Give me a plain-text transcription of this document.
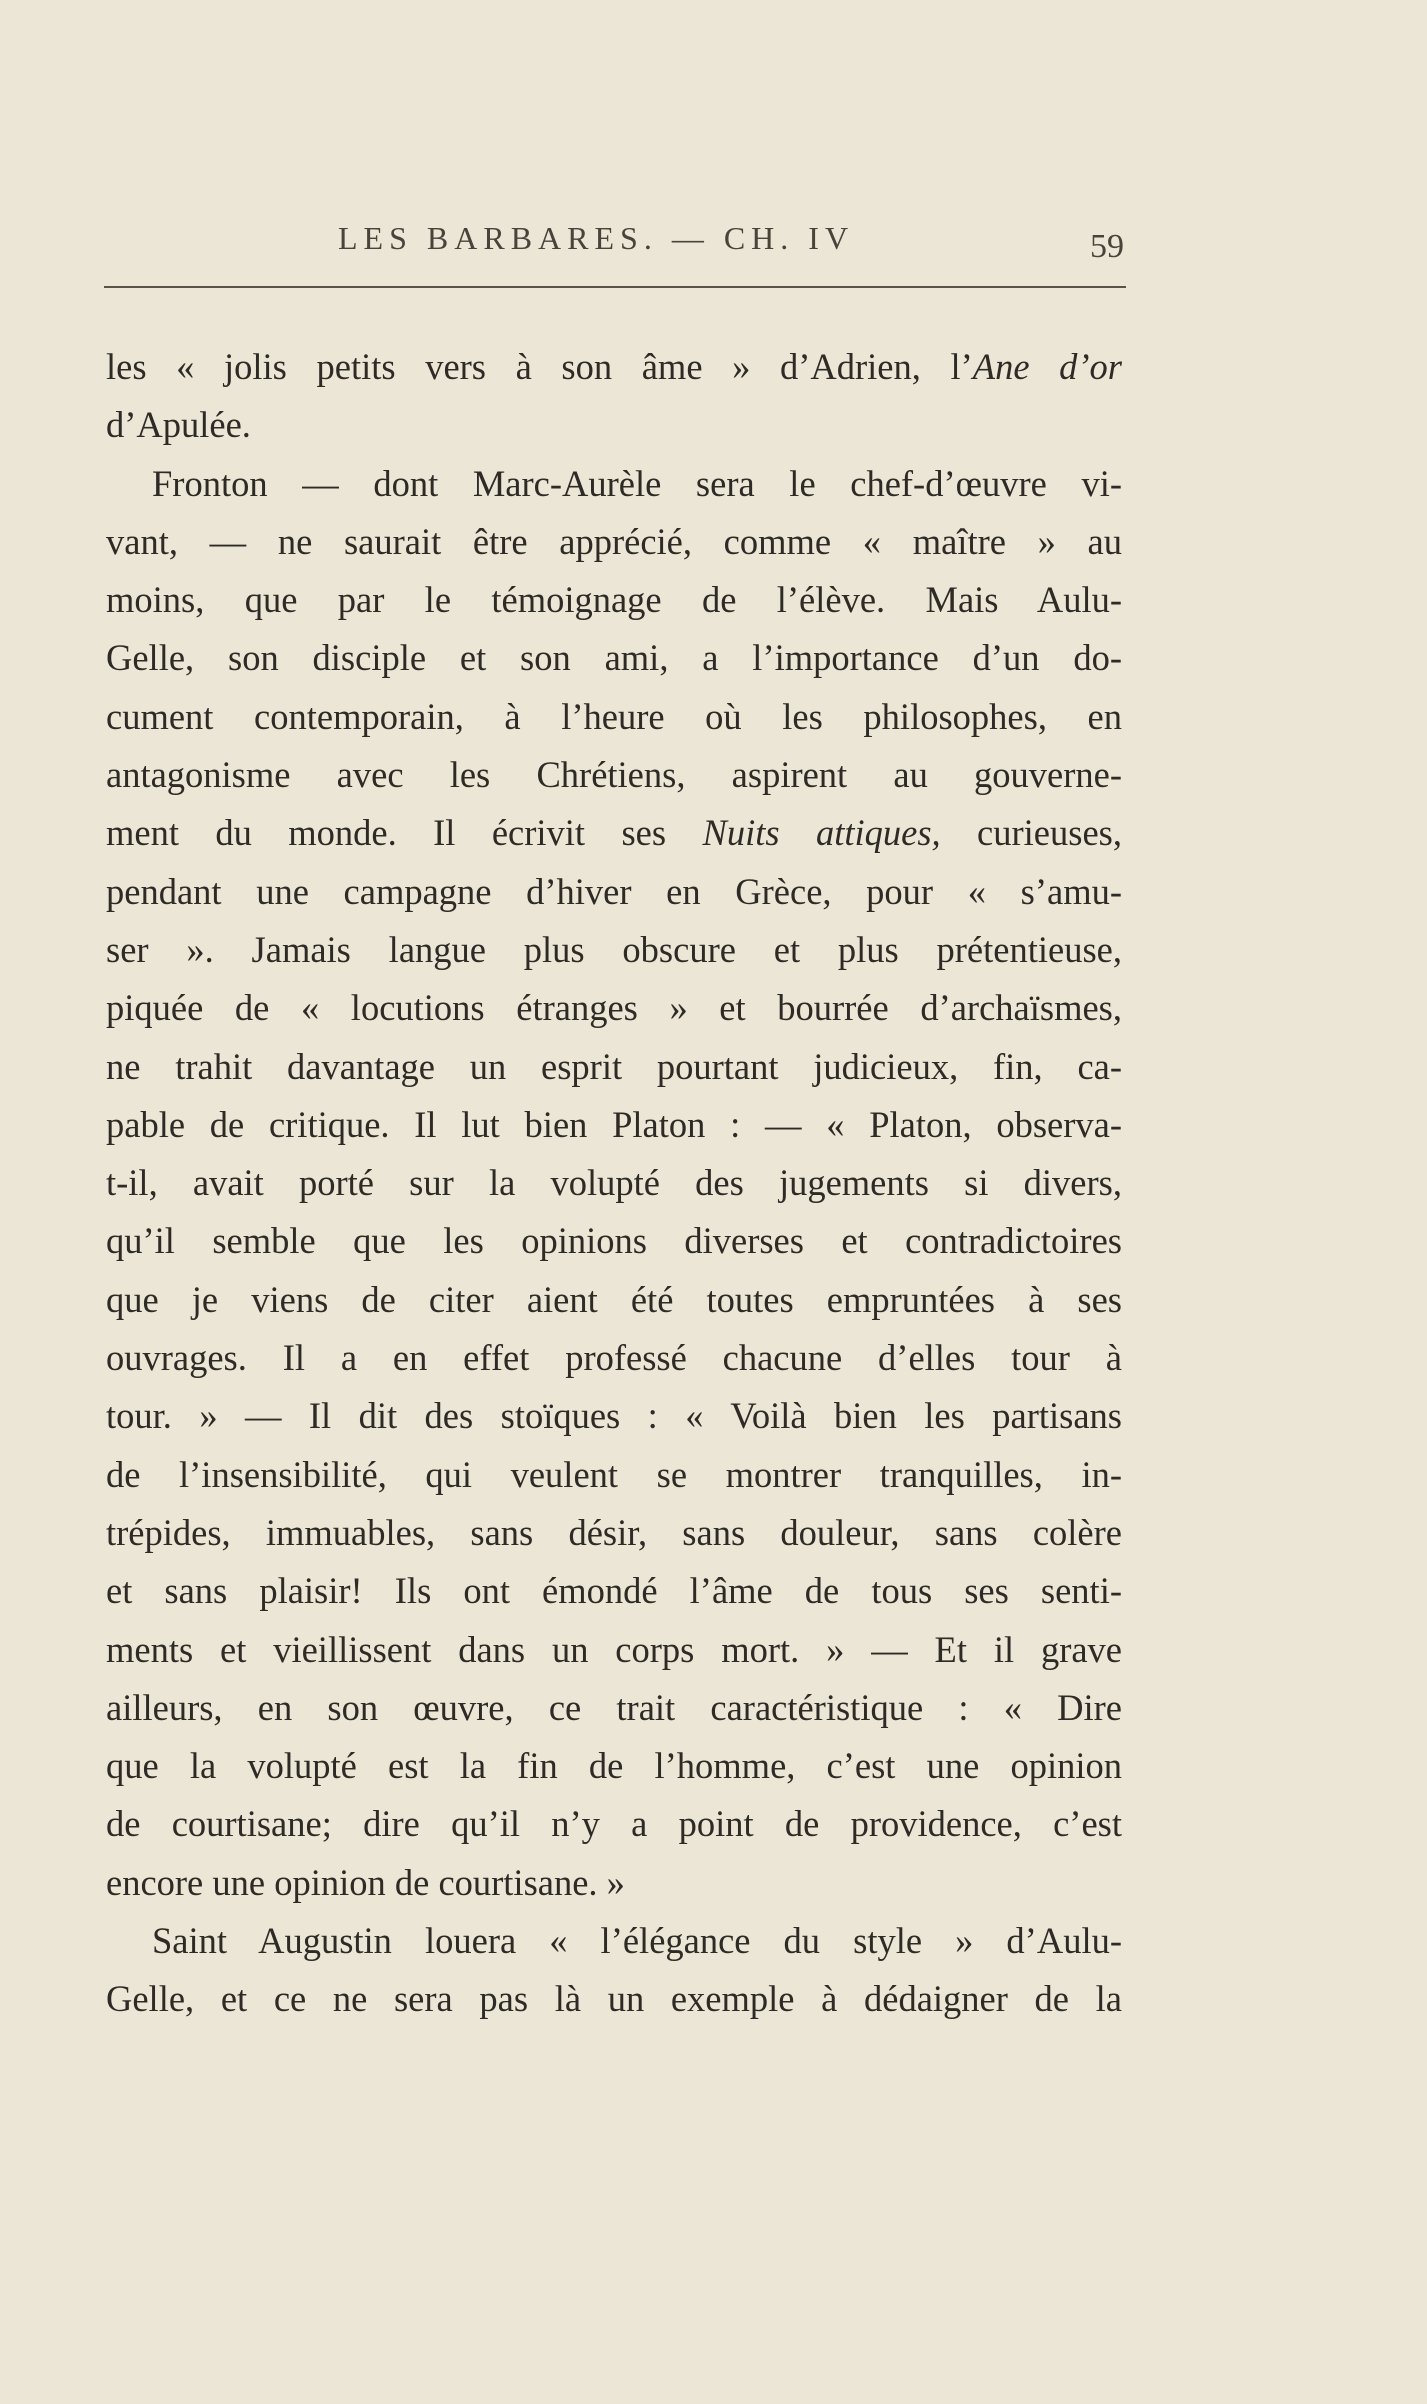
LES BARBARES. — CH. IV	59
les « jolis petits vers à son âme » d’Adrien, l’Ane d’or
d’Apulée.
Fronton — dont Marc-Aurèle sera le chef-d’œuvre vi-
vant, — ne saurait être apprécié, comme « maître » au
moins, que par le témoignage de l’élève. Mais Aulu-
Gelle, son disciple et son ami, a l’importance d’un do-
cument contemporain, à l’heure où les philosophes, en
antagonisme avec les Chrétiens, aspirent au gouverne-
ment du monde. Il écrivit ses Nuits attiques, curieuses,
pendant une campagne d’hiver en Grèce, pour « s’amu-
ser ». Jamais langue plus obscure et plus prétentieuse,
piquée de « locutions étranges » et bourrée d’archaïsmes,
ne trahit davantage un esprit pourtant judicieux, fin, ca-
pable de critique. Il lut bien Platon : — « Platon, observa-
t-il, avait porté sur la volupté des jugements si divers,
qu’il semble que les opinions diverses et contradictoires
que je viens de citer aient été toutes empruntées à ses
ouvrages. Il a en effet professé chacune d’elles tour à
tour. » — Il dit des stoïques : « Voilà bien les partisans
de l’insensibilité, qui veulent se montrer tranquilles, in-
trépides, immuables, sans désir, sans douleur, sans colère
et sans plaisir! Ils ont émondé l’âme de tous ses senti-
ments et vieillissent dans un corps mort. » — Et il grave
ailleurs, en son œuvre, ce trait caractéristique : « Dire
que la volupté est la fin de l’homme, c’est une opinion
de courtisane; dire qu’il n’y a point de providence, c’est
encore une opinion de courtisane. »
Saint Augustin louera « l’élégance du style » d’Aulu-
Gelle, et ce ne sera pas là un exemple à dédaigner de la
